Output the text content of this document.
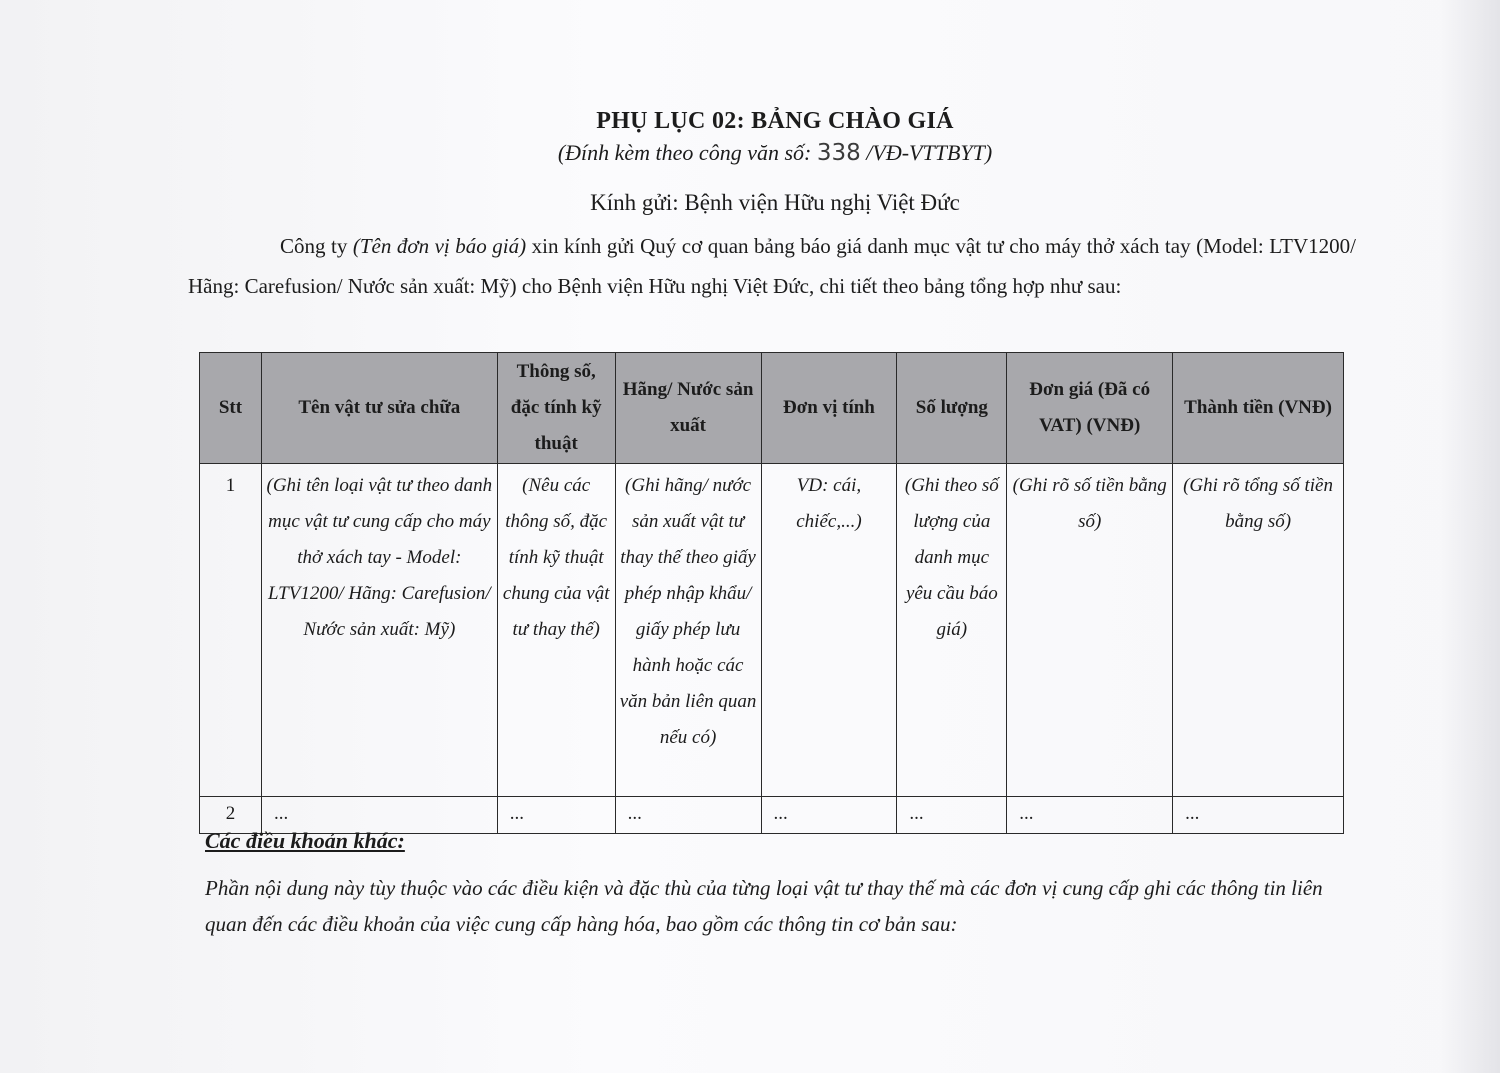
PHỤ LỤC 02: BẢNG CHÀO GIÁ
(Đính kèm theo công văn số: 338 /VĐ-VTTBYT)
Kính gửi: Bệnh viện Hữu nghị Việt Đức
Công ty (Tên đơn vị báo giá) xin kính gửi Quý cơ quan bảng báo giá danh mục vật tư cho máy thở xách tay (Model: LTV1200/ Hãng: Carefusion/ Nước sản xuất: Mỹ) cho Bệnh viện Hữu nghị Việt Đức, chi tiết theo bảng tổng hợp như sau:
Stt	Tên vật tư sửa chữa	Thông số, đặc tính kỹ thuật	Hãng/ Nước sản xuất	Đơn vị tính	Số lượng	Đơn giá (Đã có VAT) (VNĐ)	Thành tiền (VNĐ)
1	(Ghi tên loại vật tư theo danh mục vật tư cung cấp cho máy thở xách tay - Model: LTV1200/ Hãng: Carefusion/ Nước sản xuất: Mỹ)	(Nêu các thông số, đặc tính kỹ thuật chung của vật tư thay thế)	(Ghi hãng/ nước sản xuất vật tư thay thế theo giấy phép nhập khẩu/ giấy phép lưu hành hoặc các văn bản liên quan nếu có)	VD: cái, chiếc,...)	(Ghi theo số lượng của danh mục yêu cầu báo giá)	(Ghi rõ số tiền bằng số)	(Ghi rõ tổng số tiền bằng số)
2	...	...	...	...	...	...	...
Các điều khoản khác:
Phần nội dung này tùy thuộc vào các điều kiện và đặc thù của từng loại vật tư thay thế mà các đơn vị cung cấp ghi các thông tin liên quan đến các điều khoản của việc cung cấp hàng hóa, bao gồm các thông tin cơ bản sau:
